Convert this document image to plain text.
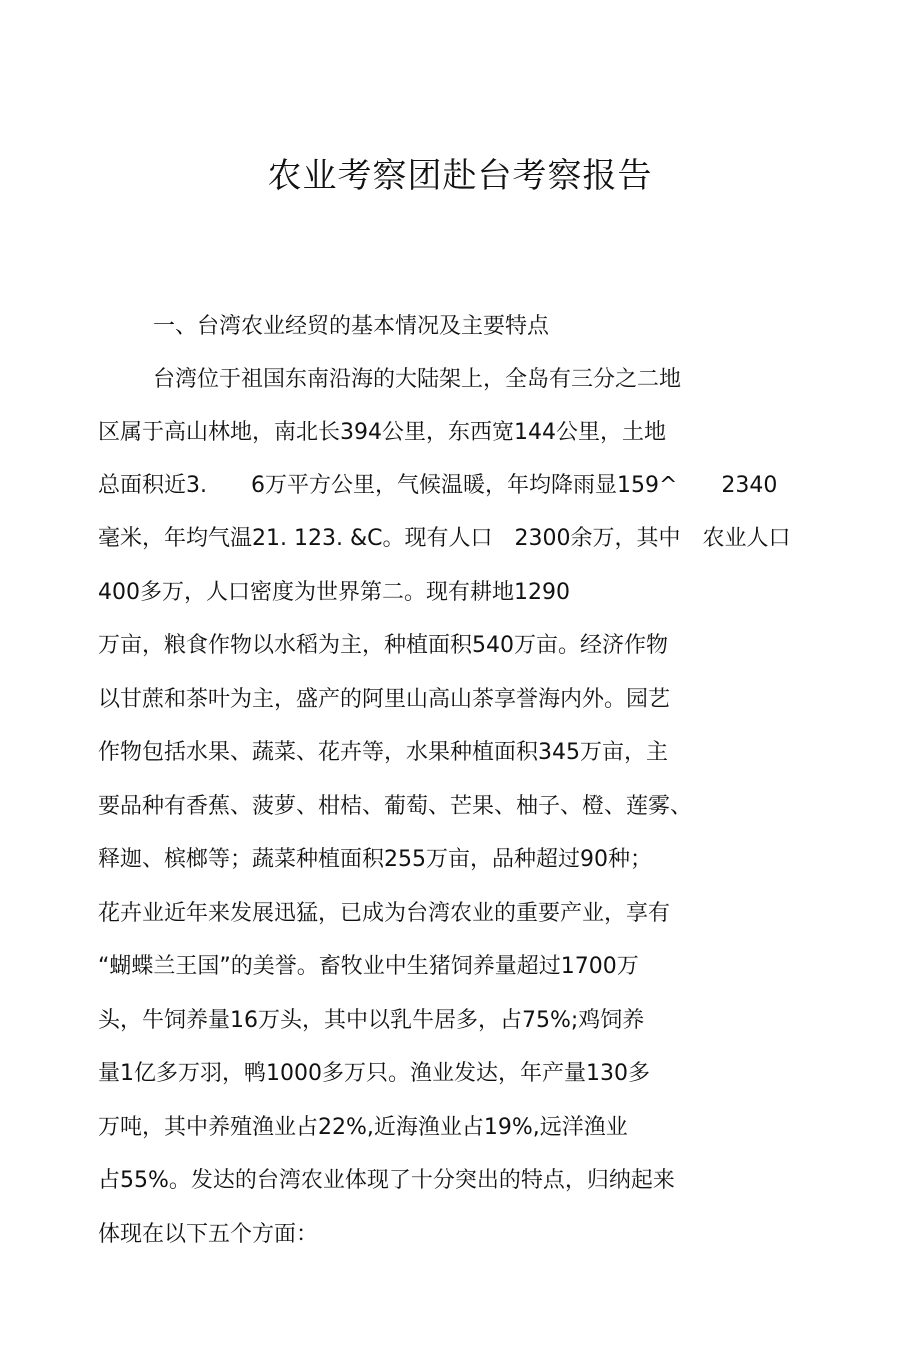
农业考察团赴台考察报告
一、台湾农业经贸的基本情况及主要特点
台湾位于祖国东南沿海的大陆架上，全岛有三分之二地
区属于高山林地，南北长394公里，东西宽144公里，土地
总面积近3.　　6万平方公里，气候温暖，年均降雨显159^　　2340
毫米，年均气温21. 123. &C。现有人口　2300余万，其中　农业人口
400多万，人口密度为世界第二。现有耕地1290
万亩，粮食作物以水稻为主，种植面积540万亩。经济作物
以甘蔗和茶叶为主，盛产的阿里山高山茶享誉海内外。园艺
作物包括水果、蔬菜、花卉等，水果种植面积345万亩，主
要品种有香蕉、菠萝、柑桔、葡萄、芒果、柚子、橙、莲雾、
释迦、槟榔等；蔬菜种植面积255万亩，品种超过90种；
花卉业近年来发展迅猛，已成为台湾农业的重要产业，享有
“蝴蝶兰王国”的美誉。畜牧业中生猪饲养量超过1700万
头，牛饲养量16万头，其中以乳牛居多，占75%;鸡饲养
量1亿多万羽，鸭1000多万只。渔业发达，年产量130多
万吨，其中养殖渔业占22%,近海渔业占19%,远洋渔业
占55%。发达的台湾农业体现了十分突出的特点，归纳起来
体现在以下五个方面：
